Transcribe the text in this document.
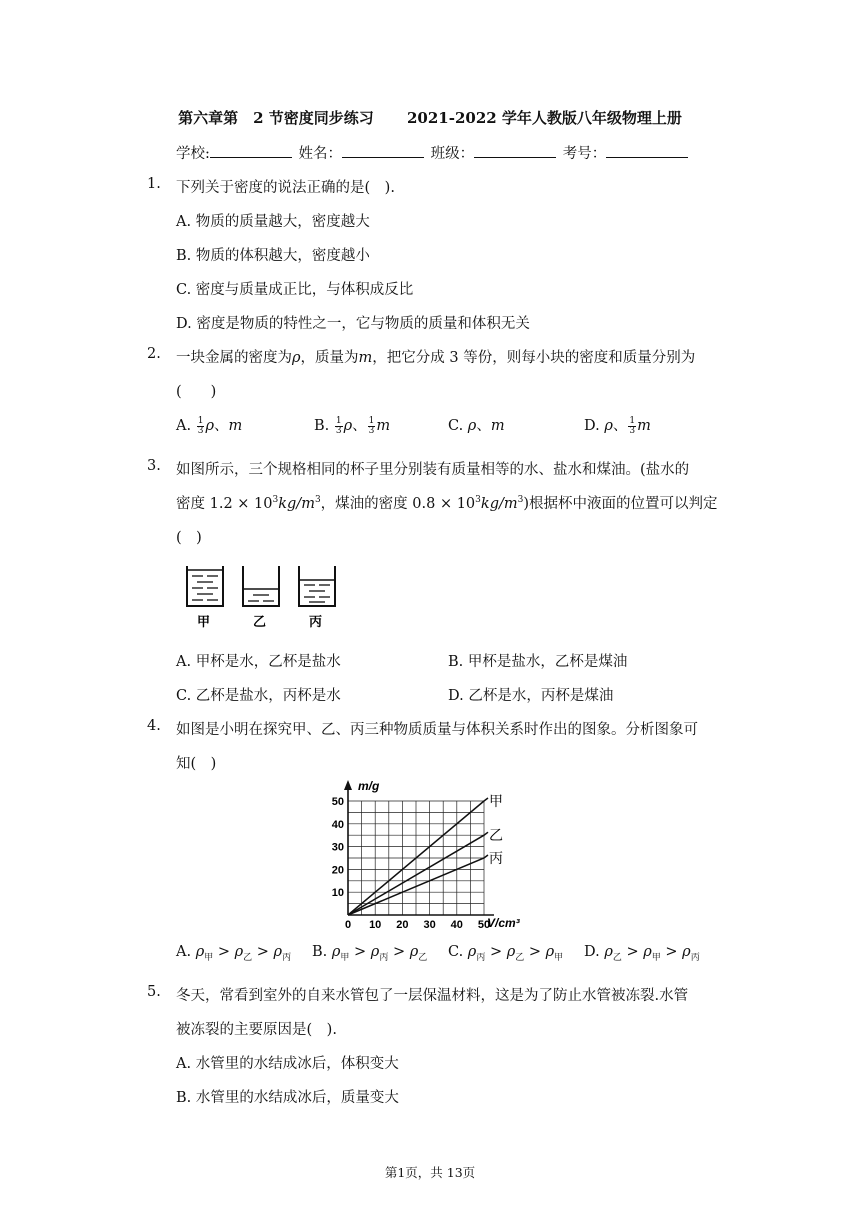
第六章第　2 节密度同步练习 2021-2022 学年人教版八年级物理上册
学校:	姓名：	班级：	考号：
1. 下列关于密度的说法正确的是(　).
A. 物质的质量越大，密度越大
B. 物质的体积越大，密度越小
C. 密度与质量成正比，与体积成反比
D. 密度是物质的特性之一，它与物质的质量和体积无关
2. 一块金属的密度为ρ，质量为m，把它分成 3 等份，则每小块的密度和质量分别为
(　　)
A. $\frac{1}{3}$ ρ、m	B. $\frac{1}{3}$ ρ、 $\frac{1}{3}$ m	C. ρ、m	D. ρ、 $\frac{1}{3}$ m
3. 如图所示，三个规格相同的杯子里分别装有质量相等的水、盐水和煤油。(盐水的
密度 $1.2 \times 10^3kg/m^3$，煤油的密度 $0.8 \times 10^3kg/m^3$)根据杯中液面的位置可以判定
(　)
甲	乙	丙
A. 甲杯是水，乙杯是盐水	B. 甲杯是盐水，乙杯是煤油
C. 乙杯是盐水，丙杯是水	D. 乙杯是水，丙杯是煤油
4. 如图是小明在探究甲、乙、丙三种物质质量与体积关系时作出的图象。分析图象可
知(　)
0 10 20 30 40 50
10
20
30
40
50	甲
乙
丙
m/g
V/cm³
A. $\rho_甲 > \rho_乙 > \rho_丙$ B. $\rho_甲 > \rho_丙 > \rho_乙$ C. $\rho_丙 > \rho_乙 > \rho_甲$ D. $\rho_乙 > \rho_甲 > \rho_丙$
5. 冬天，常看到室外的自来水管包了一层保温材料，这是为了防止水管被冻裂.水管
被冻裂的主要原因是(　).
A. 水管里的水结成冰后，体积变大
B. 水管里的水结成冰后，质量变大
第1页，共 13页
